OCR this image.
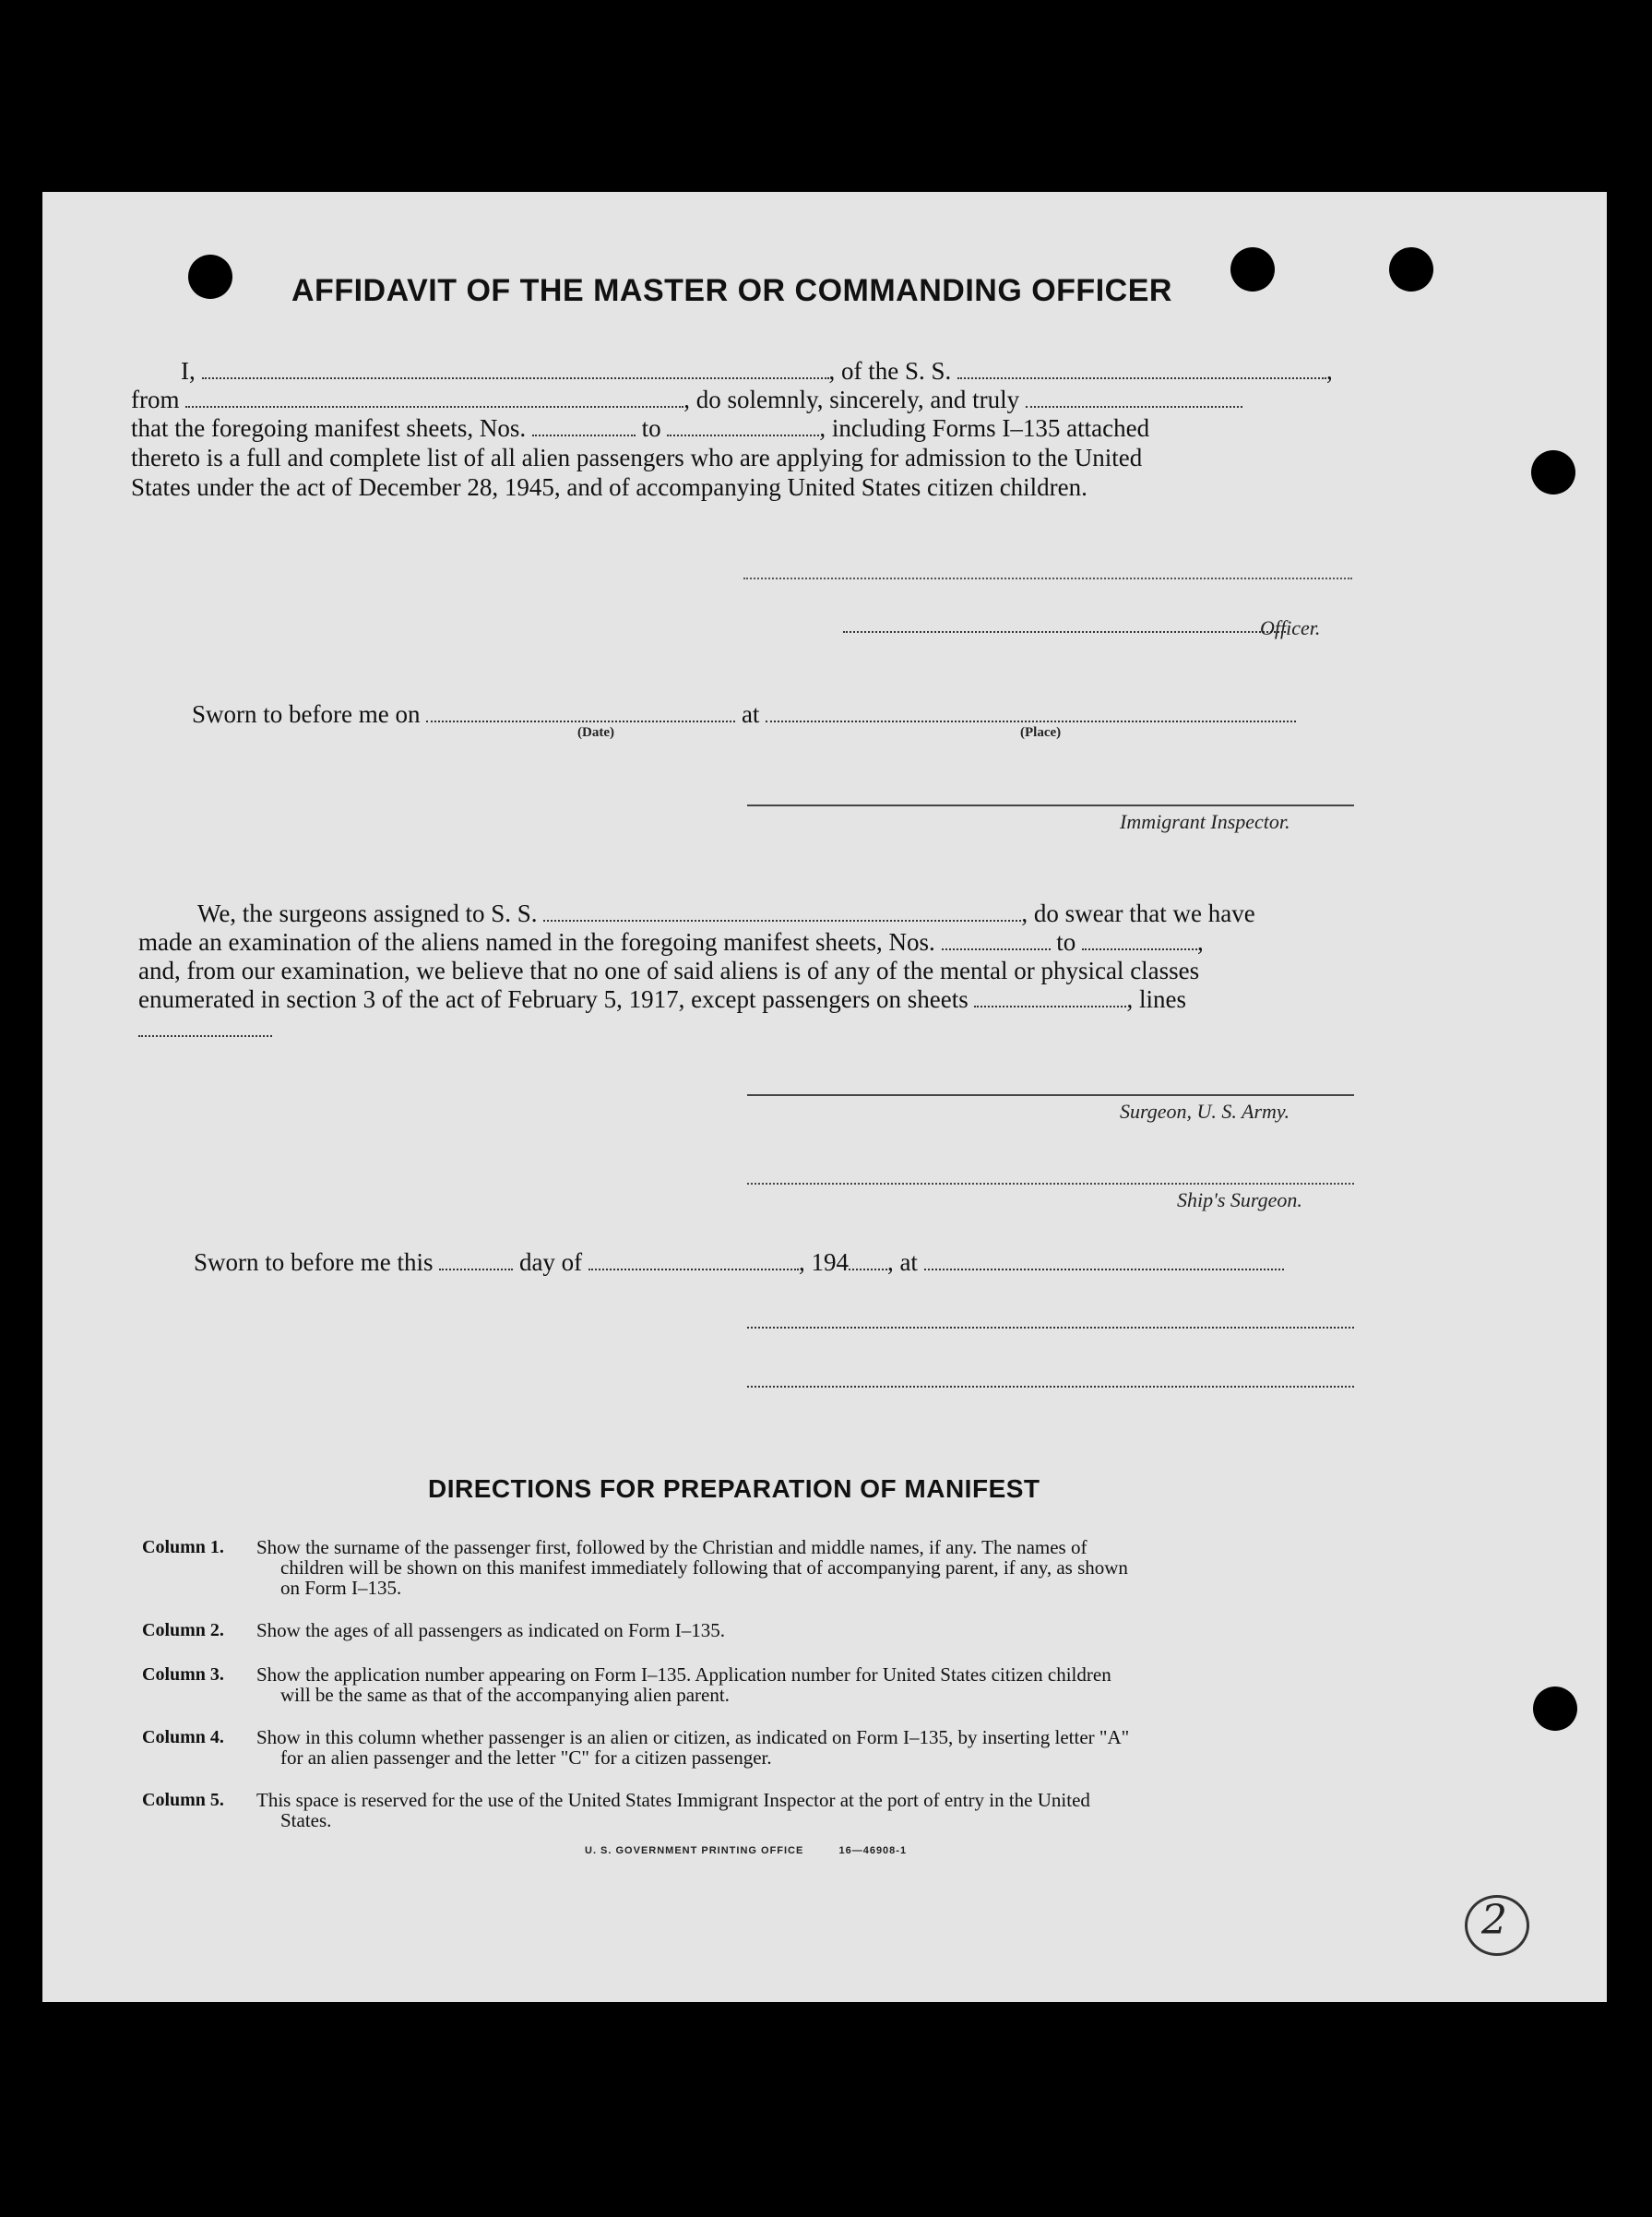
AFFIDAVIT OF THE MASTER OR COMMANDING OFFICER
I,	, of the S. S.	,
from	, do solemnly, sincerely, and truly
that the foregoing manifest sheets, Nos.	to	, including Forms I–135 attached
thereto is a full and complete list of all alien passengers who are applying for admission to the United
States under the act of December 28, 1945, and of accompanying United States citizen children.
Officer.
Sworn to before me on	at
(Date)	(Place)
Immigrant Inspector.
We, the surgeons assigned to S. S.	, do swear that we have
made an examination of the aliens named in the foregoing manifest sheets, Nos.	to	,
and, from our examination, we believe that no one of said aliens is of any of the mental or physical classes
enumerated in section 3 of the act of February 5, 1917, except passengers on sheets	, lines
Surgeon, U. S. Army.
Ship's Surgeon.
Sworn to before me this	day of	, 194 , at
DIRECTIONS FOR PREPARATION OF MANIFEST
Column 1. Show the surname of the passenger first, followed by the Christian and middle names, if any. The names of
children will be shown on this manifest immediately following that of accompanying parent, if any, as shown
on Form I–135.
Column 2. Show the ages of all passengers as indicated on Form I–135.
Column 3. Show the application number appearing on Form I–135. Application number for United States citizen children
will be the same as that of the accompanying alien parent.
Column 4. Show in this column whether passenger is an alien or citizen, as indicated on Form I–135, by inserting letter "A"
for an alien passenger and the letter "C" for a citizen passenger.
Column 5. This space is reserved for the use of the United States Immigrant Inspector at the port of entry in the United
States.
U. S. GOVERNMENT PRINTING OFFICE	16—46908-1
2
